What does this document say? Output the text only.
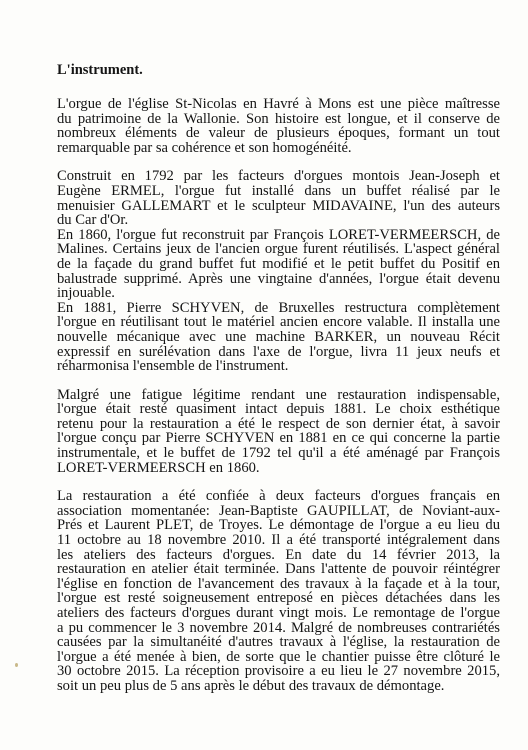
L'instrument.
L'orgue de l'église St-Nicolas en Havré à Mons est une pièce maîtresse
du patrimoine de la Wallonie. Son histoire est longue, et il conserve de
nombreux éléments de valeur de plusieurs époques, formant un tout
remarquable par sa cohérence et son homogénéité.
Construit en 1792 par les facteurs d'orgues montois Jean-Joseph et
Eugène ERMEL, l'orgue fut installé dans un buffet réalisé par le
menuisier GALLEMART et le sculpteur MIDAVAINE, l'un des auteurs
du Car d'Or.
En 1860, l'orgue fut reconstruit par François LORET-VERMEERSCH, de
Malines. Certains jeux de l'ancien orgue furent réutilisés. L'aspect général
de la façade du grand buffet fut modifié et le petit buffet du Positif en
balustrade supprimé. Après une vingtaine d'années, l'orgue était devenu
injouable.
En 1881, Pierre SCHYVEN, de Bruxelles restructura complètement
l'orgue en réutilisant tout le matériel ancien encore valable. Il installa une
nouvelle mécanique avec une machine BARKER, un nouveau Récit
expressif en surélévation dans l'axe de l'orgue, livra 11 jeux neufs et
réharmonisa l'ensemble de l'instrument.
Malgré une fatigue légitime rendant une restauration indispensable,
l'orgue était resté quasiment intact depuis 1881. Le choix esthétique
retenu pour la restauration a été le respect de son dernier état, à savoir
l'orgue conçu par Pierre SCHYVEN en 1881 en ce qui concerne la partie
instrumentale, et le buffet de 1792 tel qu'il a été aménagé par François
LORET-VERMEERSCH en 1860.
La restauration a été confiée à deux facteurs d'orgues français en
association momentanée: Jean-Baptiste GAUPILLAT, de Noviant-aux-
Prés et Laurent PLET, de Troyes. Le démontage de l'orgue a eu lieu du
11 octobre au 18 novembre 2010. Il a été transporté intégralement dans
les ateliers des facteurs d'orgues. En date du 14 février 2013, la
restauration en atelier était terminée. Dans l'attente de pouvoir réintégrer
l'église en fonction de l'avancement des travaux à la façade et à la tour,
l'orgue est resté soigneusement entreposé en pièces détachées dans les
ateliers des facteurs d'orgues durant vingt mois. Le remontage de l'orgue
a pu commencer le 3 novembre 2014. Malgré de nombreuses contrariétés
causées par la simultanéité d'autres travaux à l'église, la restauration de
l'orgue a été menée à bien, de sorte que le chantier puisse être clôturé le
30 octobre 2015. La réception provisoire a eu lieu le 27 novembre 2015,
soit un peu plus de 5 ans après le début des travaux de démontage.
